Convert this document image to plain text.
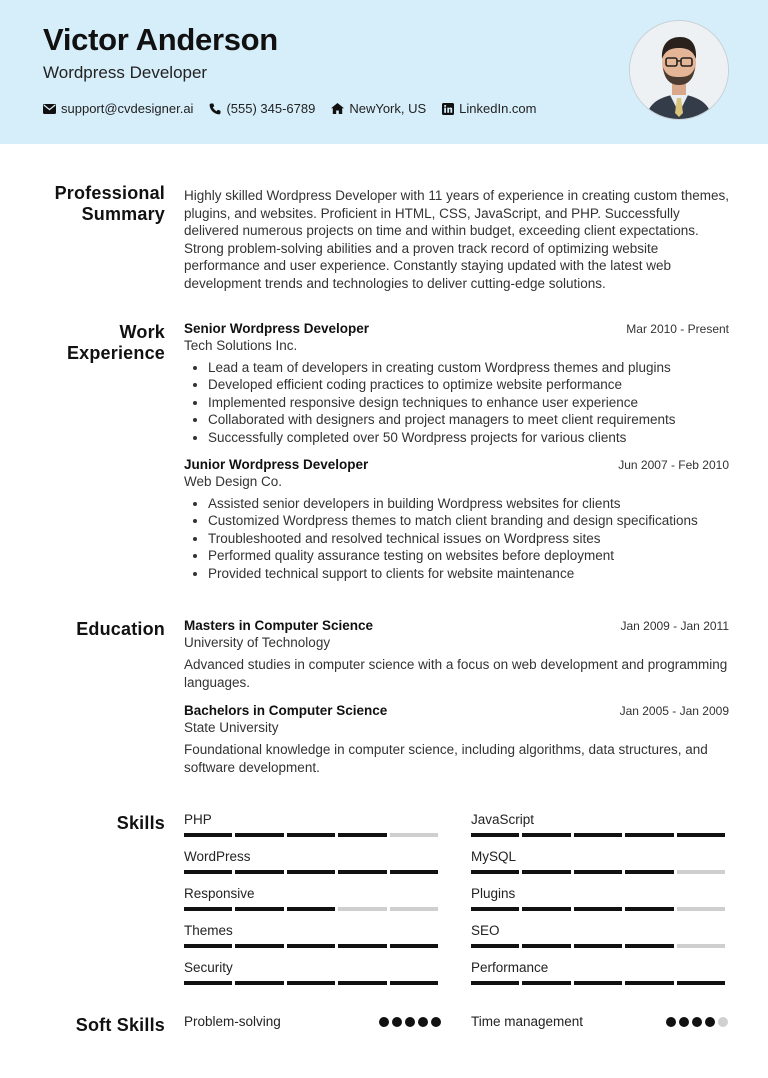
Victor Anderson
Wordpress Developer
support@cvdesigner.ai	(555) 345-6789	NewYork, US	LinkedIn.com
Professional
Summary
Highly skilled Wordpress Developer with 11 years of experience in creating custom themes, plugins, and websites. Proficient in HTML, CSS, JavaScript, and PHP. Successfully delivered numerous projects on time and within budget, exceeding client expectations. Strong problem-solving abilities and a proven track record of optimizing website performance and user experience. Constantly staying updated with the latest web development trends and technologies to deliver cutting-edge solutions.
Work
Experience
Senior Wordpress Developer	Mar 2010 - Present
Tech Solutions Inc.
• Lead a team of developers in creating custom Wordpress themes and plugins
• Developed efficient coding practices to optimize website performance
• Implemented responsive design techniques to enhance user experience
• Collaborated with designers and project managers to meet client requirements
• Successfully completed over 50 Wordpress projects for various clients
Junior Wordpress Developer	Jun 2007 - Feb 2010
Web Design Co.
• Assisted senior developers in building Wordpress websites for clients
• Customized Wordpress themes to match client branding and design specifications
• Troubleshooted and resolved technical issues on Wordpress sites
• Performed quality assurance testing on websites before deployment
• Provided technical support to clients for website maintenance
Education Masters in Computer Science	Jan 2009 - Jan 2011
University of Technology
Advanced studies in computer science with a focus on web development and programming languages.
Bachelors in Computer Science	Jan 2005 - Jan 2009
State University
Foundational knowledge in computer science, including algorithms, data structures, and software development.
Skills PHP	JavaScript
WordPress	MySQL
Responsive	Plugins
Themes	SEO
Security	Performance
Soft Skills Problem-solving	Time management
